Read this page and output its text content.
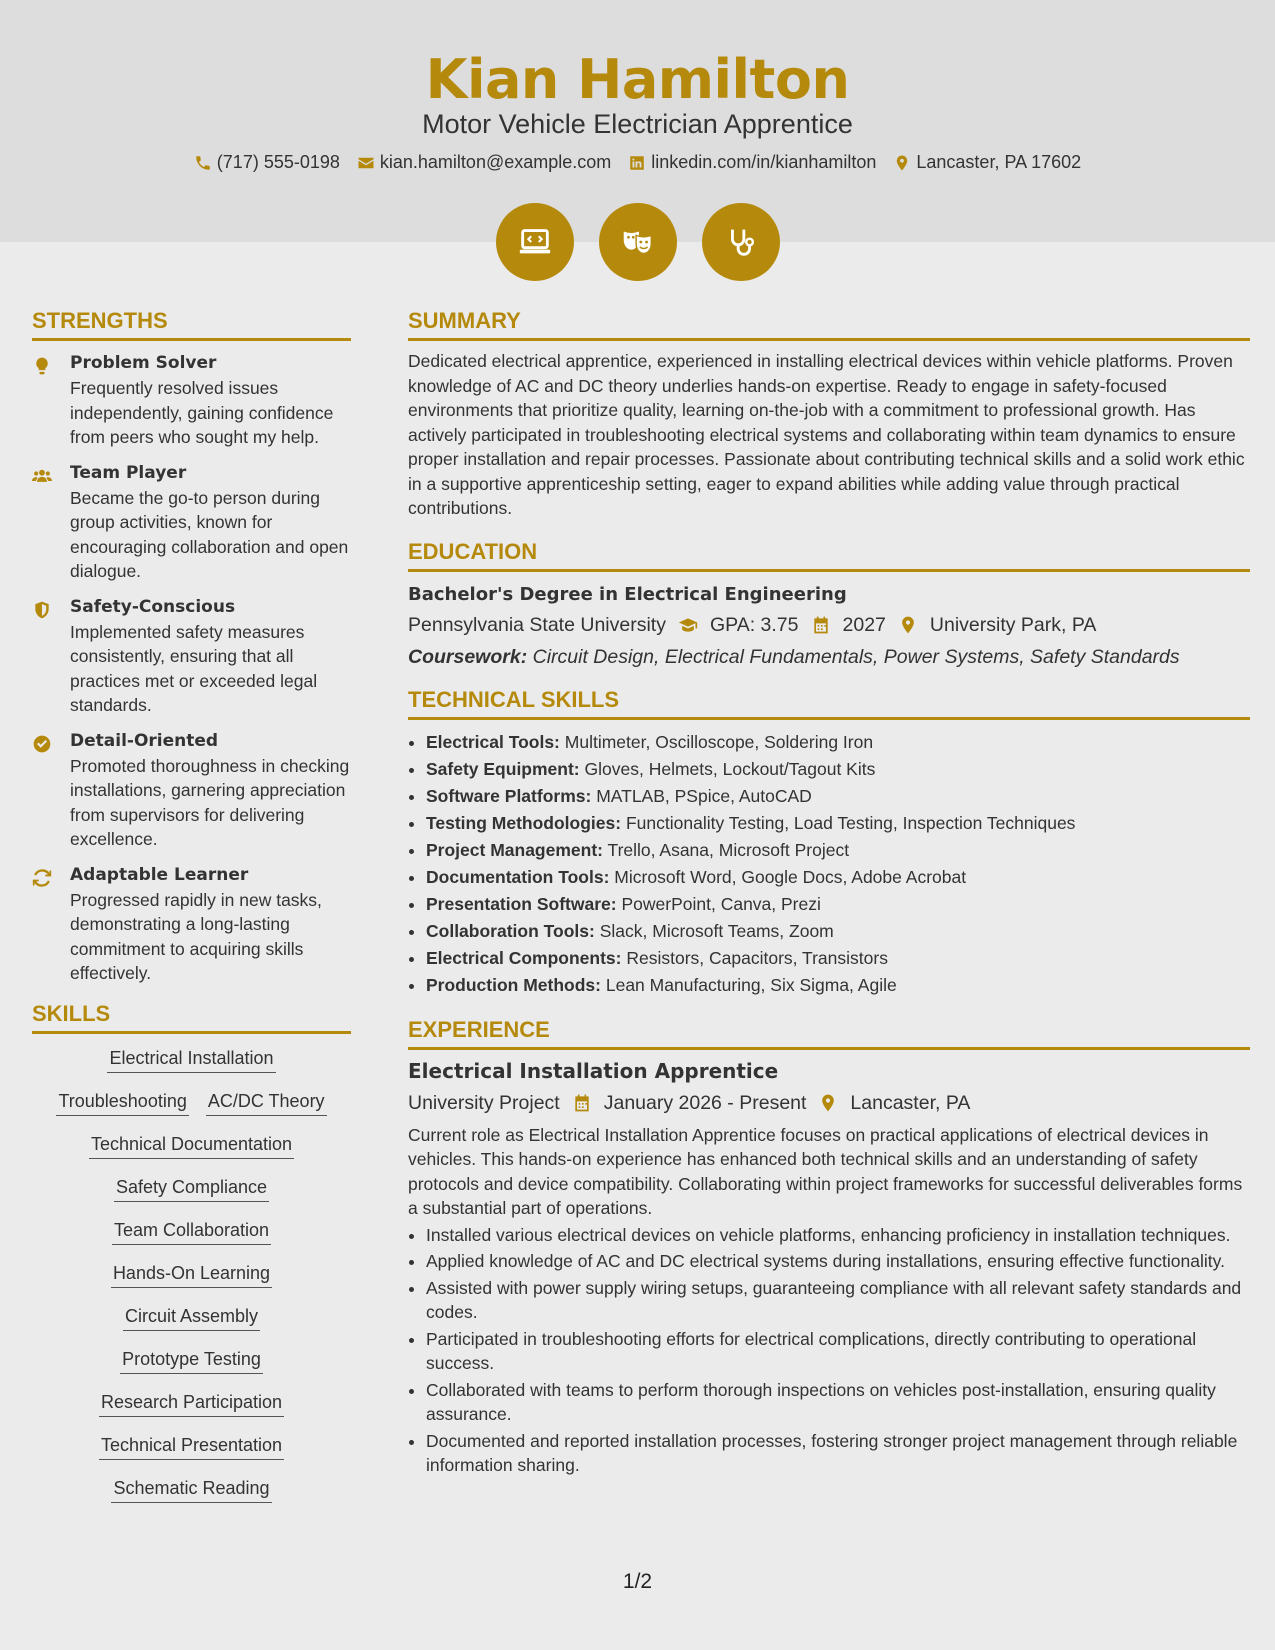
Kian Hamilton
Motor Vehicle Electrician Apprentice
(717) 555-0198 kian.hamilton@example.com linkedin.com/in/kianhamilton Lancaster, PA 17602
STRENGTHS
Problem Solver
Frequently resolved issues independently, gaining confidence from peers who sought my help.
Team Player
Became the go-to person during group activities, known for encouraging collaboration and open dialogue.
Safety-Conscious
Implemented safety measures consistently, ensuring that all practices met or exceeded legal standards.
Detail-Oriented
Promoted thoroughness in checking installations, garnering appreciation from supervisors for delivering excellence.
Adaptable Learner
Progressed rapidly in new tasks, demonstrating a long-lasting commitment to acquiring skills effectively.
SKILLS
Electrical Installation
Troubleshooting AC/DC Theory
Technical Documentation
Safety Compliance
Team Collaboration
Hands-On Learning
Circuit Assembly
Prototype Testing
Research Participation
Technical Presentation
Schematic Reading
SUMMARY
Dedicated electrical apprentice, experienced in installing electrical devices within vehicle platforms. Proven knowledge of AC and DC theory underlies hands-on expertise. Ready to engage in safety-focused environments that prioritize quality, learning on-the-job with a commitment to professional growth. Has actively participated in troubleshooting electrical systems and collaborating within team dynamics to ensure proper installation and repair processes. Passionate about contributing technical skills and a solid work ethic in a supportive apprenticeship setting, eager to expand abilities while adding value through practical contributions.
EDUCATION
Bachelor's Degree in Electrical Engineering
Pennsylvania State University GPA: 3.75 2027 University Park, PA
Coursework: Circuit Design, Electrical Fundamentals, Power Systems, Safety Standards
TECHNICAL SKILLS
• Electrical Tools: Multimeter, Oscilloscope, Soldering Iron
• Safety Equipment: Gloves, Helmets, Lockout/Tagout Kits
• Software Platforms: MATLAB, PSpice, AutoCAD
• Testing Methodologies: Functionality Testing, Load Testing, Inspection Techniques
• Project Management: Trello, Asana, Microsoft Project
• Documentation Tools: Microsoft Word, Google Docs, Adobe Acrobat
• Presentation Software: PowerPoint, Canva, Prezi
• Collaboration Tools: Slack, Microsoft Teams, Zoom
• Electrical Components: Resistors, Capacitors, Transistors
• Production Methods: Lean Manufacturing, Six Sigma, Agile
EXPERIENCE
Electrical Installation Apprentice
University Project January 2026 - Present Lancaster, PA
Current role as Electrical Installation Apprentice focuses on practical applications of electrical devices in vehicles. This hands-on experience has enhanced both technical skills and an understanding of safety protocols and device compatibility. Collaborating within project frameworks for successful deliverables forms a substantial part of operations.
• Installed various electrical devices on vehicle platforms, enhancing proficiency in installation techniques.
• Applied knowledge of AC and DC electrical systems during installations, ensuring effective functionality.
• Assisted with power supply wiring setups, guaranteeing compliance with all relevant safety standards and codes.
• Participated in troubleshooting efforts for electrical complications, directly contributing to operational success.
• Collaborated with teams to perform thorough inspections on vehicles post-installation, ensuring quality assurance.
• Documented and reported installation processes, fostering stronger project management through reliable information sharing.
1/2
